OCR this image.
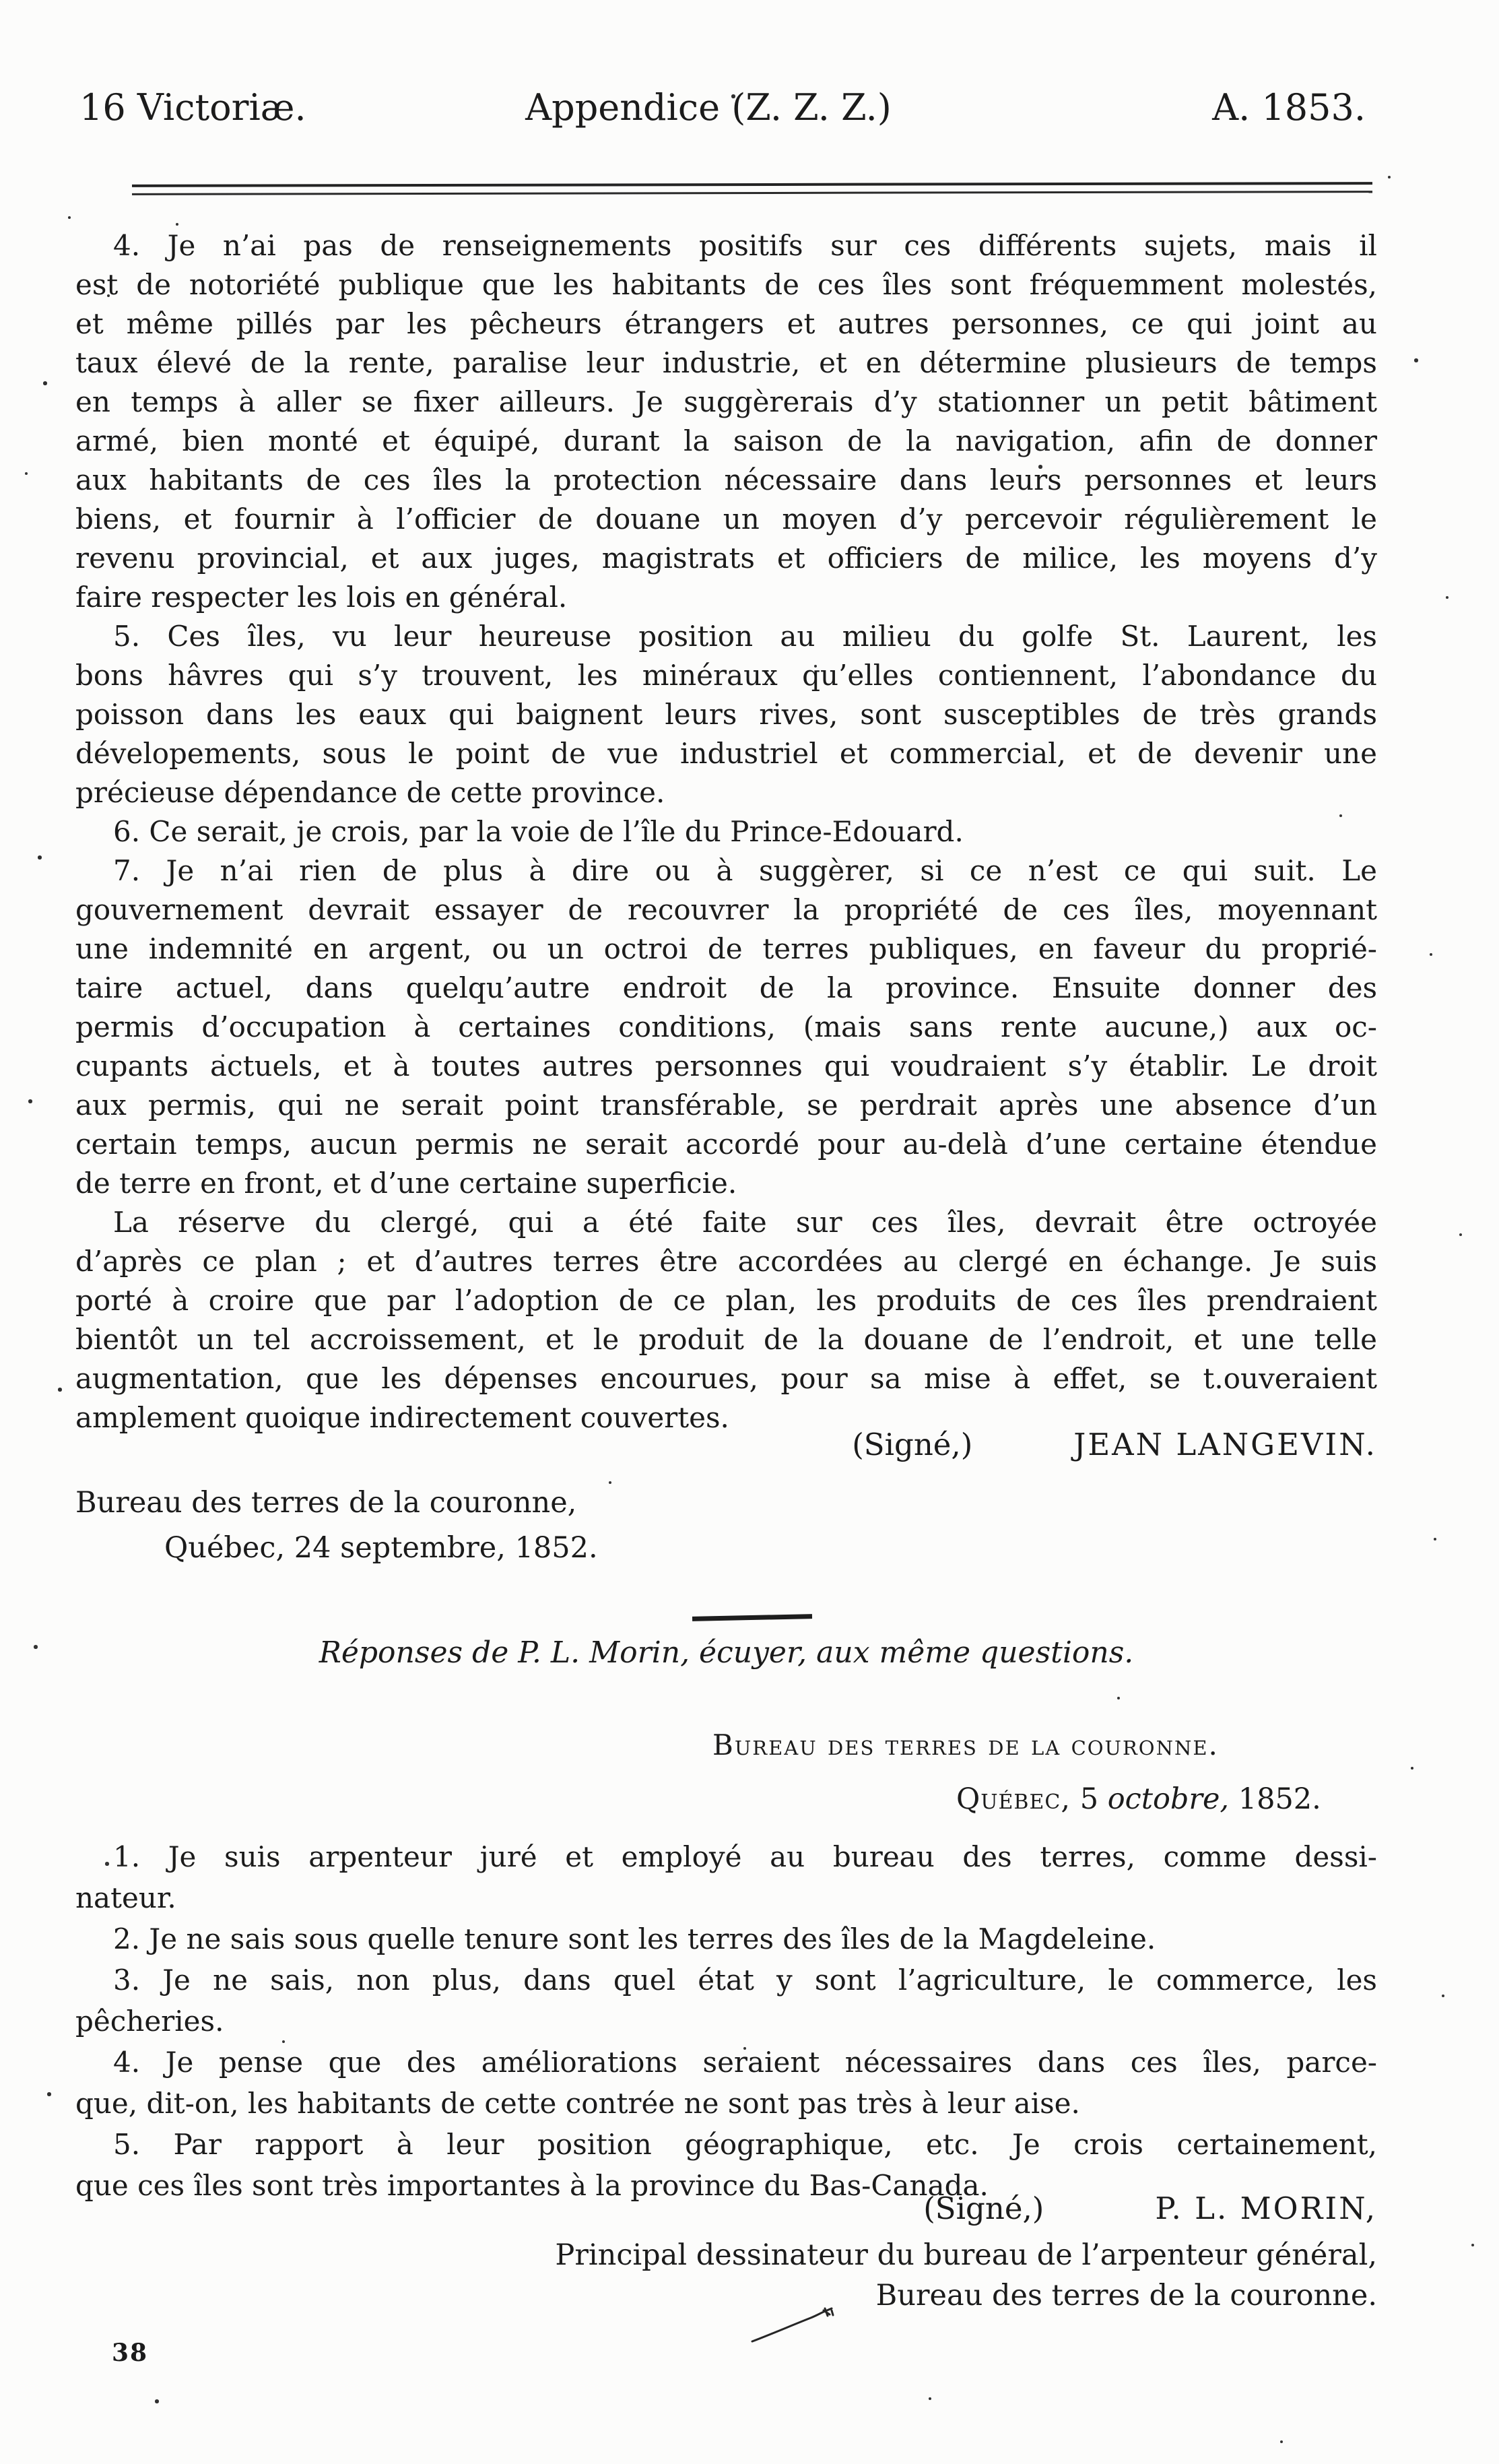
16 Victoriæ.	Appendice (Z. Z. Z.)	A. 1853.
4. Je n’ai pas de renseignements positifs sur ces différents sujets, mais il
est de notoriété publique que les habitants de ces îles sont fréquemment molestés,
et même pillés par les pêcheurs étrangers et autres personnes, ce qui joint au
taux élevé de la rente, paralise leur industrie, et en détermine plusieurs de temps
en temps à aller se fixer ailleurs. Je suggèrerais d’y stationner un petit bâtiment
armé, bien monté et équipé, durant la saison de la navigation, afin de donner
aux habitants de ces îles la protection nécessaire dans leurs personnes et leurs
biens, et fournir à l’officier de douane un moyen d’y percevoir régulièrement le
revenu provincial, et aux juges, magistrats et officiers de milice, les moyens d’y
faire respecter les lois en général.
5. Ces îles, vu leur heureuse position au milieu du golfe St. Laurent, les
bons hâvres qui s’y trouvent, les minéraux qu’elles contiennent, l’abondance du
poisson dans les eaux qui baignent leurs rives, sont susceptibles de très grands
dévelopements, sous le point de vue industriel et commercial, et de devenir une
précieuse dépendance de cette province.
6. Ce serait, je crois, par la voie de l’île du Prince-Edouard.
7. Je n’ai rien de plus à dire ou à suggèrer, si ce n’est ce qui suit. Le
gouvernement devrait essayer de recouvrer la propriété de ces îles, moyennant
une indemnité en argent, ou un octroi de terres publiques, en faveur du proprié-
taire actuel, dans quelqu’autre endroit de la province. Ensuite donner des
permis d’occupation à certaines conditions, (mais sans rente aucune,) aux oc-
cupants actuels, et à toutes autres personnes qui voudraient s’y établir. Le droit
aux permis, qui ne serait point transférable, se perdrait après une absence d’un
certain temps, aucun permis ne serait accordé pour au-delà d’une certaine étendue
de terre en front, et d’une certaine superficie.
La réserve du clergé, qui a été faite sur ces îles, devrait être octroyée
d’après ce plan ; et d’autres terres être accordées au clergé en échange. Je suis
porté à croire que par l’adoption de ce plan, les produits de ces îles prendraient
bientôt un tel accroissement, et le produit de la douane de l’endroit, et une telle
augmentation, que les dépenses encourues, pour sa mise à effet, se t.ouveraient
amplement quoique indirectement couvertes.
(Signé,)	JEAN LANGEVIN.
Bureau des terres de la couronne,
Québec, 24 septembre, 1852.
Réponses de P. L. Morin, écuyer, aux même questions.
Bureau des terres de la couronne.
Québec, 5 octobre, 1852.
1. Je suis arpenteur juré et employé au bureau des terres, comme dessi-
nateur.
2. Je ne sais sous quelle tenure sont les terres des îles de la Magdeleine.
3. Je ne sais, non plus, dans quel état y sont l’agriculture, le commerce, les
pêcheries.
4. Je pense que des améliorations seraient nécessaires dans ces îles, parce-
que, dit-on, les habitants de cette contrée ne sont pas très à leur aise.
5. Par rapport à leur position géographique, etc. Je crois certainement,
que ces îles sont très importantes à la province du Bas-Canada.
(Signé,)	P. L. MORIN,
Principal dessinateur du bureau de l’arpenteur général,
Bureau des terres de la couronne.
38
